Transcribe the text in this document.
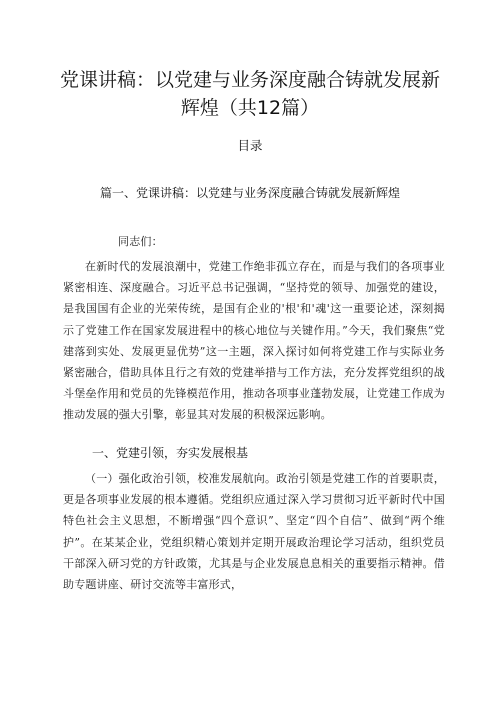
党课讲稿：以党建与业务深度融合铸就发展新辉煌（共12篇）
目录
篇一、党课讲稿：以党建与业务深度融合铸就发展新辉煌
同志们：
在新时代的发展浪潮中，党建工作绝非孤立存在，而是与我们的各项事业紧密相连、深度融合。习近平总书记强调，“坚持党的领导、加强党的建设，是我国国有企业的光荣传统，是国有企业的'根'和'魂'这一重要论述，深刻揭示了党建工作在国家发展进程中的核心地位与关键作用。”今天，我们聚焦“党建落到实处、发展更显优势”这一主题，深入探讨如何将党建工作与实际业务紧密融合，借助具体且行之有效的党建举措与工作方法，充分发挥党组织的战斗堡垒作用和党员的先锋模范作用，推动各项事业蓬勃发展，让党建工作成为推动发展的强大引擎，彰显其对发展的积极深远影响。
一、党建引领，夯实发展根基
（一）强化政治引领，校准发展航向。政治引领是党建工作的首要职责，更是各项事业发展的根本遵循。党组织应通过深入学习贯彻习近平新时代中国特色社会主义思想，不断增强“四个意识”、坚定“四个自信”、做到“两个维护”。在某某企业，党组织精心策划并定期开展政治理论学习活动，组织党员干部深入研习党的方针政策，尤其是与企业发展息息相关的重要指示精神。借助专题讲座、研讨交流等丰富形式，
